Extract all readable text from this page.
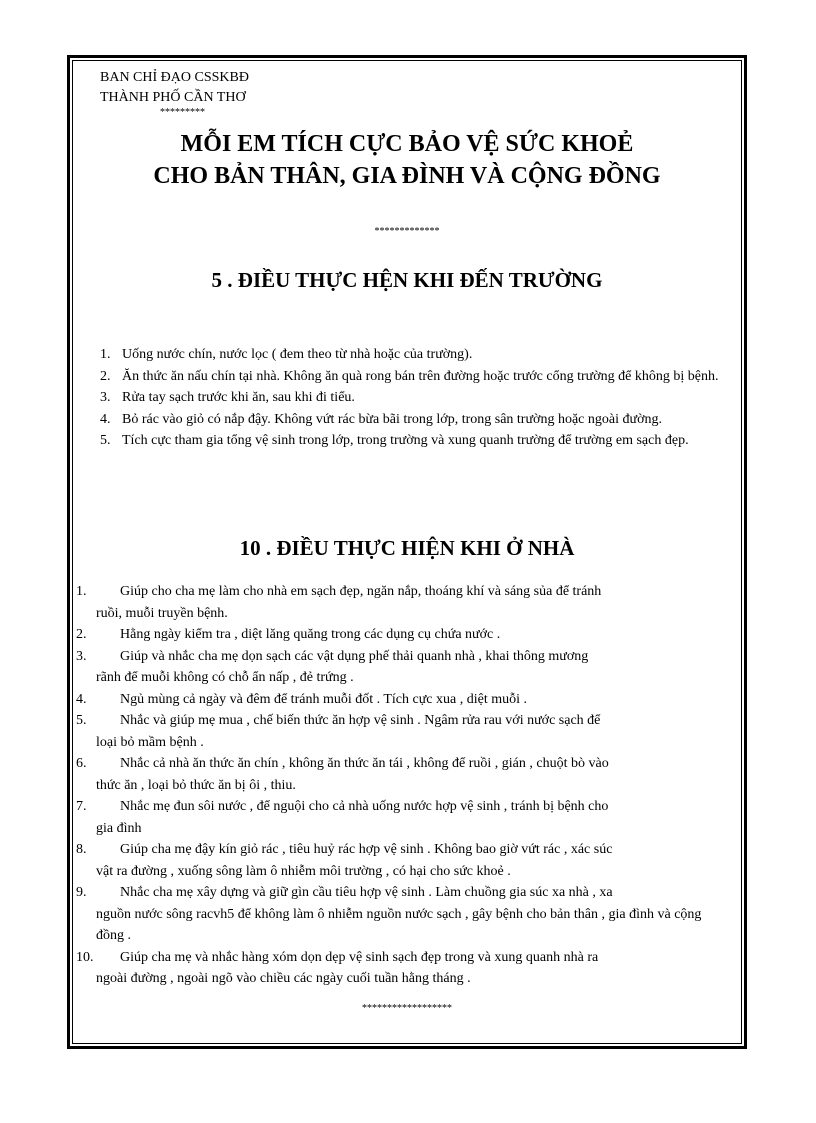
BAN CHỈ ĐẠO CSSKBĐ
THÀNH PHỐ CẦN THƠ
*********
MỖI EM TÍCH CỰC BẢO VỆ SỨC KHOẺ
CHO BẢN THÂN, GIA ĐÌNH VÀ CỘNG ĐỒNG
*************
5 . ĐIỀU THỰC HỆN KHI ĐẾN TRƯỜNG
1. Uống nước chín, nước lọc ( đem theo từ nhà hoặc của trường).
2. Ăn thức ăn nấu chín tại nhà. Không ăn quà rong bán trên đường hoặc trước cổng trường để không bị bệnh.
3. Rửa tay sạch trước khi ăn, sau khi đi tiểu.
4. Bỏ rác vào giỏ có nắp đậy. Không vứt rác bừa bãi trong lớp, trong sân trường hoặc ngoài đường.
5. Tích cực tham gia tổng vệ sinh trong lớp, trong trường và xung quanh trường để trường em sạch đẹp.
10 . ĐIỀU THỰC HIỆN KHI Ở NHÀ
1.	Giúp cho cha mẹ làm cho nhà em sạch đẹp, ngăn nắp, thoáng khí và sáng sủa để tránh
ruồi, muỗi truyền bệnh.
2.	Hằng ngày kiểm tra , diệt lăng quăng trong các dụng cụ chứa nước .
3.	Giúp và nhắc cha mẹ dọn sạch các vật dụng phế thải quanh nhà , khai thông mương
rãnh để muỗi không có chỗ ẩn nấp , đẻ trứng .
4.	Ngủ mùng cả ngày và đêm để tránh muỗi đốt . Tích cực xua , diệt muỗi .
5.	Nhắc và giúp mẹ mua , chế biến thức ăn hợp vệ sinh . Ngâm rửa rau với nước sạch để
loại bỏ mầm bệnh .
6.	Nhắc cả nhà ăn thức ăn chín , không ăn thức ăn tái , không để ruồi , gián , chuột bò vào
thức ăn , loại bỏ thức ăn bị ôi , thiu.
7.	Nhắc mẹ đun sôi nước , để nguội cho cả nhà uống nước hợp vệ sinh , tránh bị bệnh cho
gia đình
8.	Giúp cha mẹ đậy kín giỏ rác , tiêu huỷ rác hợp vệ sinh . Không bao giờ vứt rác , xác súc
vật ra đường , xuống sông làm ô nhiễm môi trường , có hại cho sức khoẻ .
9.	Nhắc cha mẹ xây dựng và giữ gìn cầu tiêu hợp vệ sinh . Làm chuồng gia súc xa nhà , xa
nguồn nước sông racvh5 để không làm ô nhiễm nguồn nước sạch , gây bệnh cho bản thân , gia đình và cộng đồng .
10.	Giúp cha mẹ và nhắc hàng xóm dọn dẹp vệ sinh sạch đẹp trong và xung quanh nhà ra
ngoài đường , ngoài ngõ vào chiều các ngày cuối tuần hằng tháng .
******************
